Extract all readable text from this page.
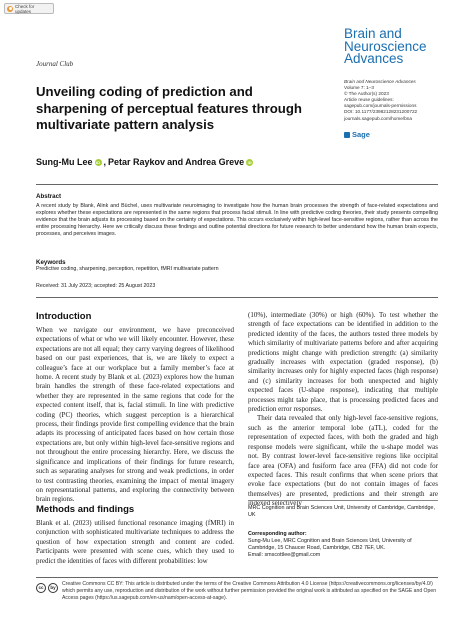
Check for updates
Journal Club
Brain and
Neuroscience
Advances
Brain and Neuroscience Advances
Volume 7: 1–3
© The Author(s) 2023
Article reuse guidelines:
sagepub.com/journals-permissions
DOI: 10.1177/23982128231200722
journals.sagepub.com/home/bna
Sage
Unveiling coding of prediction and sharpening of perceptual features through multivariate pattern analysis
Sung-Mu Lee iD , Petar Raykov and Andrea Greve iD
Abstract
A recent study by Blank, Alink and Büchel, uses multivariate neuroimaging to investigate how the human brain processes the strength of face-related expectations and explores whether these expectations are represented in the same regions that process facial stimuli. In line with predictive coding theories, their study presents compelling evidence that the brain adjusts its processing based on the certainty of expectations. This occurs exclusively within high-level face-sensitive regions, rather than across the entire processing hierarchy. Here we critically discuss these findings and outline potential directions for future research to better understand how the human brain expects, processes, and perceives images.
Keywords
Predictive coding, sharpening, perception, repetition, fMRI multivariate pattern
Received: 31 July 2023; accepted: 25 August 2023
Introduction

When we navigate our environment, we have preconceived expectations of what or who we will likely encounter. However, these expectations are not all equal; they carry varying degrees of likelihood based on our past experiences, that is, we are likely to expect a colleague’s face at our workplace but a family member’s face at home. A recent study by Blank et al. (2023) explores how the human brain handles the strength of these face-related expectations and whether they are represented in the same regions that code for the expected content itself, that is, facial stimuli. In line with predictive coding (PC) theories, which suggest perception is a hierarchical process, their findings provide first compelling evidence that the brain adapts its processing of anticipated faces based on how certain those expectations are, but only within high-level face-sensitive regions and not throughout the entire processing hierarchy. Here, we discuss the significance and implications of their findings for future research, such as separating analyses for strong and weak predictions, in order to test contrasting theories, examining the impact of mental imagery on representational patterns, and exploring the connectivity between brain regions.

Methods and findings

Blank et al. (2023) utilised functional resonance imaging (fMRI) in conjunction with sophisticated multivariate techniques to address the question of how expectation strength and content are coded. Participants were presented with scene cues, which they used to predict the identities of faces with different probabilities: low

(10%), intermediate (30%) or high (60%). To test whether the strength of face expectations can be identified in addition to the predicted identity of the faces, the authors tested three models by which similarity of multivariate patterns before and after acquiring predictions might change with prediction strength: (a) similarity gradually increases with expectation (graded response), (b) similarity increases only for highly expected faces (high response) and (c) similarity increases for both unexpected and highly expected faces (U-shape response), indicating that multiple processes might take place, that is processing predicted faces and prediction error responses.

Their data revealed that only high-level face-sensitive regions, such as the anterior temporal lobe (aTL), coded for the representation of expected faces, with both the graded and high response models were significant, while the u-shape model was not. By contrast lower-level face-sensitive regions like occipital face area (OFA) and fusiform face area (FFA) did not code for expected faces. This result confirms that when scene priors that evoke face expectations (but do not contain images of faces themselves) are presented, predictions and their strength are indexed selectively

MRC Cognition and Brain Sciences Unit, University of Cambridge, Cambridge, UK
Corresponding author:
Sung-Mu Lee, MRC Cognition and Brain Sciences Unit, University of
Cambridge, 15 Chaucer Road, Cambridge, CB2 7EF, UK.
Email: smscottlee@gmail.com
cc	by
Creative Commons CC BY: This article is distributed under the terms of the Creative Commons Attribution 4.0 License (https://creativecommons.org/licenses/by/4.0/) which permits any use, reproduction and distribution of the work without further permission provided the original work is attributed as specified on the SAGE and Open Access pages (https://us.sagepub.com/en-us/nam/open-access-at-sage).
